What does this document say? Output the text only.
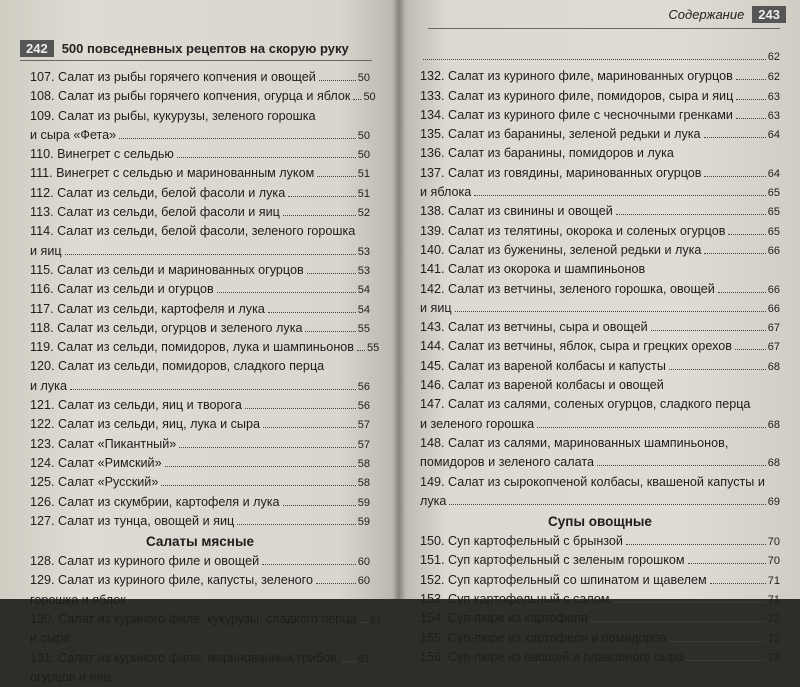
242	500 повседневных рецептов на скорую руку
107. Салат из рыбы горячего копчения и овощей	50
108. Салат из рыбы горячего копчения, огурца и яблок 50
109. Салат из рыбы, кукурузы, зеленого горошка
и сыра «Фета»	50
110. Винегрет с сельдью	50
111. Винегрет с сельдью и маринованным луком	51
112. Салат из сельди, белой фасоли и лука	51
113. Салат из сельди, белой фасоли и яиц	52
114. Салат из сельди, белой фасоли, зеленого горошка
и яиц	53
115. Салат из сельди и маринованных огурцов	53
116. Салат из сельди и огурцов	54
117. Салат из сельди, картофеля и лука	54
118. Салат из сельди, огурцов и зеленого лука	55
119. Салат из сельди, помидоров, лука и шампиньонов 55
120. Салат из сельди, помидоров, сладкого перца
и лука	56
121. Салат из сельди, яиц и творога	56
122. Салат из сельди, яиц, лука и сыра	57
123. Салат «Пикантный»	57
124. Салат «Римский»	58
125. Салат «Русский»	58
126. Салат из скумбрии, картофеля и лука	59
127. Салат из тунца, овощей и яиц	59
Салаты мясные
128. Салат из куриного филе и овощей	60
129. Салат из куриного филе, капусты, зеленого	60
горошка и яблок
130. Салат из куриного филе, кукурузы, сладкого перца 61
и сыра
131. Салат из куриного филе, маринованных грибов, 61
огурцов и яиц
Содержание	243
62
132. Салат из куриного филе, маринованных огурцов	62
133. Салат из куриного филе, помидоров, сыра и яиц	63
134. Салат из куриного филе с чесночными гренками	63
135. Салат из баранины, зеленой редьки и лука	64
136. Салат из баранины, помидоров и лука
137. Салат из говядины, маринованных огурцов	64
и яблока	65
138. Салат из свинины и овощей	65
139. Салат из телятины, окорока и соленых огурцов	65
140. Салат из буженины, зеленой редьки и лука	66
141. Салат из окорока и шампиньонов
142. Салат из ветчины, зеленого горошка, овощей	66
и яиц	66
143. Салат из ветчины, сыра и овощей	67
144. Салат из ветчины, яблок, сыра и грецких орехов	67
145. Салат из вареной колбасы и капусты	68
146. Салат из вареной колбасы и овощей
147. Салат из салями, соленых огурцов, сладкого перца
и зеленого горошка	68
148. Салат из салями, маринованных шампиньонов,
помидоров и зеленого салата	68
149. Салат из сырокопченой колбасы, квашеной капусты и
лука	69
Супы овощные
150. Суп картофельный с брынзой	70
151. Суп картофельный с зеленым горошком	70
152. Суп картофельный со шпинатом и щавелем	71
153. Суп картофельный с салом	71
154. Суп-пюре из картофеля	72
155. Суп-пюре из картофеля и помидоров	72
156. Суп-пюре из овощей и плавленого сыра	73
